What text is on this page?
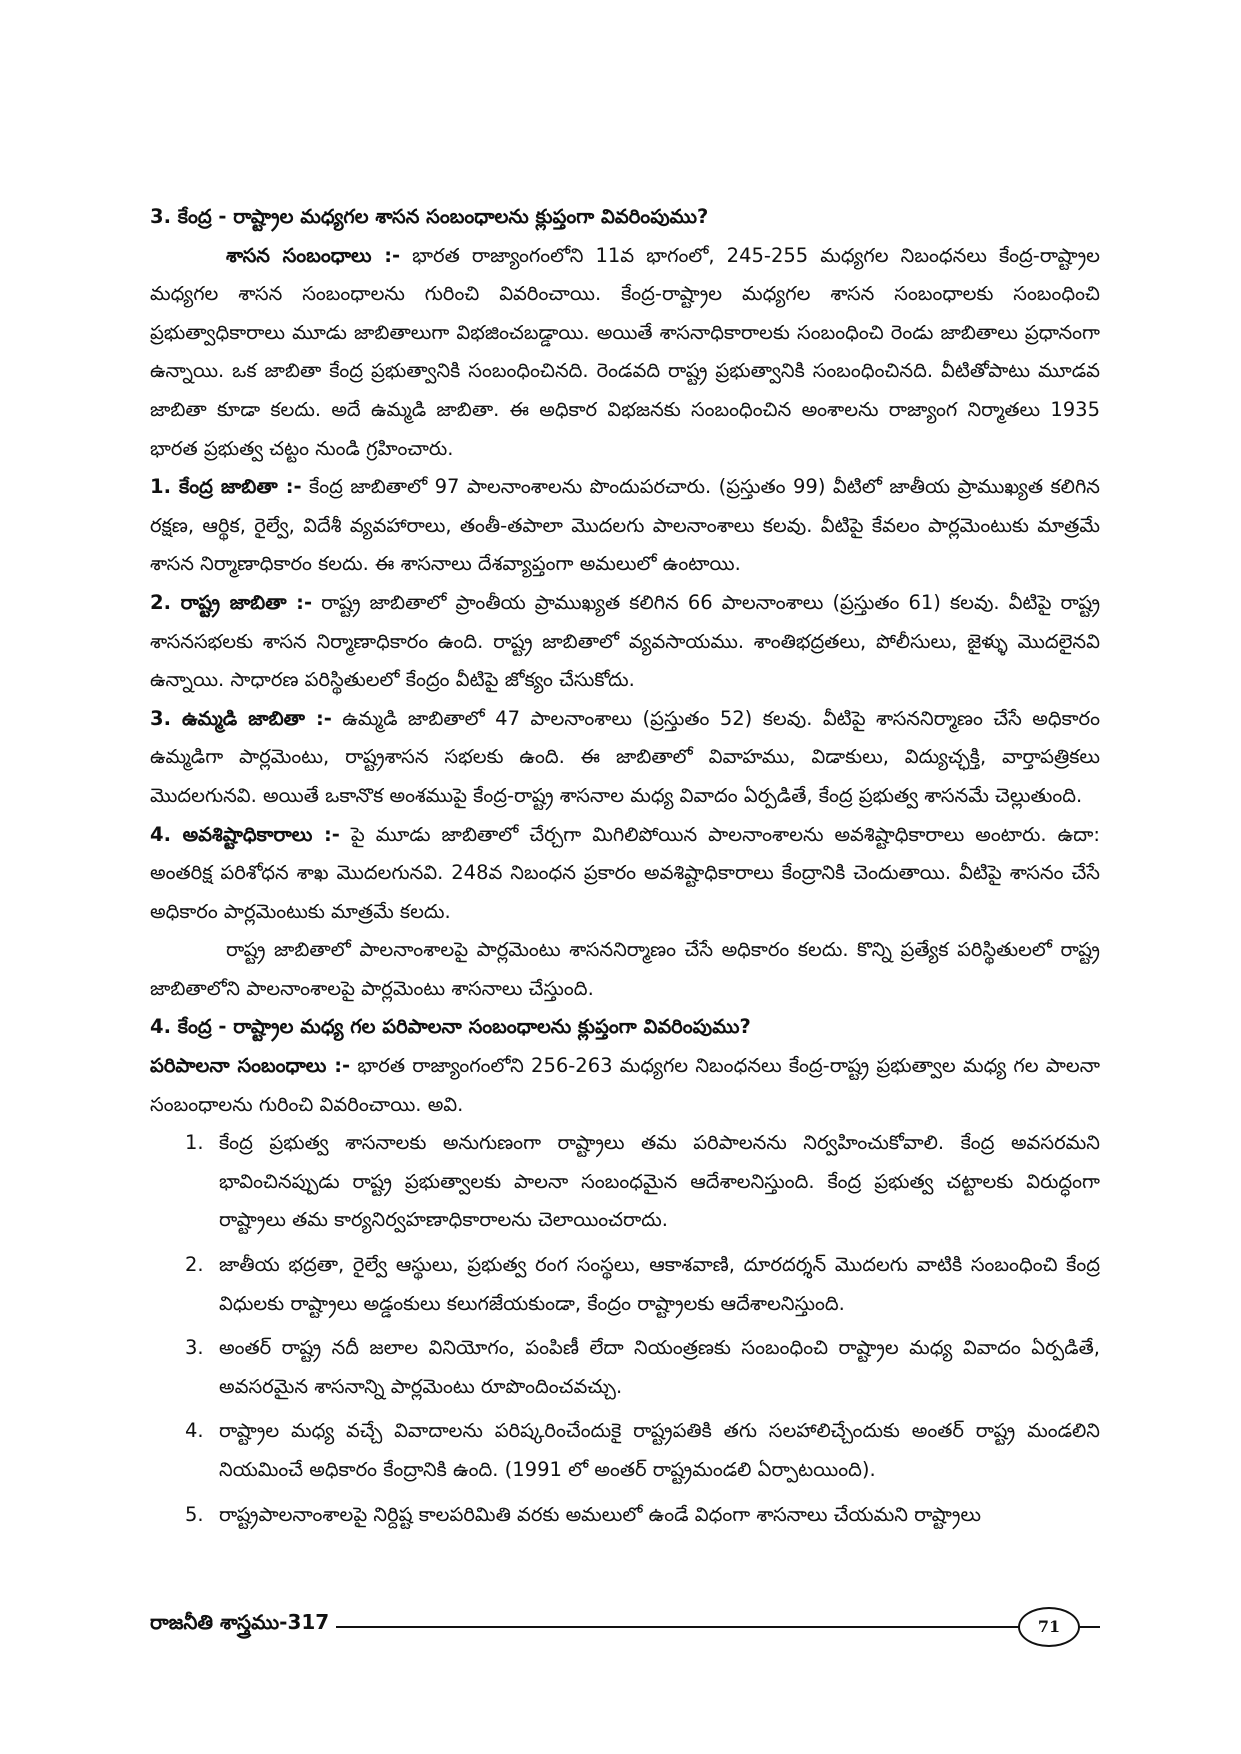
3. కేంద్ర - రాష్ట్రాల మధ్యగల శాసన సంబంధాలను క్లుప్తంగా వివరింపుము?

శాసన సంబంధాలు :- భారత రాజ్యాంగంలోని 11వ భాగంలో, 245-255 మధ్యగల నిబంధనలు కేంద్ర-రాష్ట్రాల మధ్యగల శాసన సంబంధాలను గురించి వివరించాయి. కేంద్ర-రాష్ట్రాల మధ్యగల శాసన సంబంధాలకు సంబంధించి ప్రభుత్వాధికారాలు మూడు జాబితాలుగా విభజించబడ్డాయి. అయితే శాసనాధికారాలకు సంబంధించి రెండు జాబితాలు ప్రధానంగా ఉన్నాయి. ఒక జాబితా కేంద్ర ప్రభుత్వానికి సంబంధించినది. రెండవది రాష్ట్ర ప్రభుత్వానికి సంబంధించినది. వీటితోపాటు మూడవ జాబితా కూడా కలదు. అదే ఉమ్మడి జాబితా. ఈ అధికార విభజనకు సంబంధించిన అంశాలను రాజ్యాంగ నిర్మాతలు 1935 భారత ప్రభుత్వ చట్టం నుండి గ్రహించారు.

1. కేంద్ర జాబితా :- కేంద్ర జాబితాలో 97 పాలనాంశాలను పొందుపరచారు. (ప్రస్తుతం 99) వీటిలో జాతీయ ప్రాముఖ్యత కలిగిన రక్షణ, ఆర్థిక, రైల్వే, విదేశీ వ్యవహారాలు, తంతీ-తపాలా మొదలగు పాలనాంశాలు కలవు. వీటిపై కేవలం పార్లమెంటుకు మాత్రమే శాసన నిర్మాణాధికారం కలదు. ఈ శాసనాలు దేశవ్యాప్తంగా అమలులో ఉంటాయి.

2. రాష్ట్ర జాబితా :- రాష్ట్ర జాబితాలో ప్రాంతీయ ప్రాముఖ్యత కలిగిన 66 పాలనాంశాలు (ప్రస్తుతం 61) కలవు. వీటిపై రాష్ట్ర శాసనసభలకు శాసన నిర్మాణాధికారం ఉంది. రాష్ట్ర జాబితాలో వ్యవసాయము. శాంతిభద్రతలు, పోలీసులు, జైళ్ళు మొదలైనవి ఉన్నాయి. సాధారణ పరిస్థితులలో కేంద్రం వీటిపై జోక్యం చేసుకోదు.

3. ఉమ్మడి జాబితా :- ఉమ్మడి జాబితాలో 47 పాలనాంశాలు (ప్రస్తుతం 52) కలవు. వీటిపై శాసననిర్మాణం చేసే అధికారం ఉమ్మడిగా పార్లమెంటు, రాష్ట్రశాసన సభలకు ఉంది. ఈ జాబితాలో వివాహము, విడాకులు, విద్యుచ్ఛక్తి, వార్తాపత్రికలు మొదలగునవి. అయితే ఒకానొక అంశముపై కేంద్ర-రాష్ట్ర శాసనాల మధ్య వివాదం ఏర్పడితే, కేంద్ర ప్రభుత్వ శాసనమే చెల్లుతుంది.

4. అవశిష్టాధికారాలు :- పై మూడు జాబితాలో చేర్చగా మిగిలిపోయిన పాలనాంశాలను అవశిష్టాధికారాలు అంటారు. ఉదా: అంతరిక్ష పరిశోధన శాఖ మొదలగునవి. 248వ నిబంధన ప్రకారం అవశిష్టాధికారాలు కేంద్రానికి చెందుతాయి. వీటిపై శాసనం చేసే అధికారం పార్లమెంటుకు మాత్రమే కలదు.

రాష్ట్ర జాబితాలో పాలనాంశాలపై పార్లమెంటు శాసననిర్మాణం చేసే అధికారం కలదు. కొన్ని ప్రత్యేక పరిస్థితులలో రాష్ట్ర జాబితాలోని పాలనాంశాలపై పార్లమెంటు శాసనాలు చేస్తుంది.

4. కేంద్ర - రాష్ట్రాల మధ్య గల పరిపాలనా సంబంధాలను క్లుప్తంగా వివరింపుము?

పరిపాలనా సంబంధాలు :- భారత రాజ్యాంగంలోని 256-263 మధ్యగల నిబంధనలు కేంద్ర-రాష్ట్ర ప్రభుత్వాల మధ్య గల పాలనా సంబంధాలను గురించి వివరించాయి. అవి.

1. కేంద్ర ప్రభుత్వ శాసనాలకు అనుగుణంగా రాష్ట్రాలు తమ పరిపాలనను నిర్వహించుకోవాలి. కేంద్ర అవసరమని భావించినప్పుడు రాష్ట్ర ప్రభుత్వాలకు పాలనా సంబంధమైన ఆదేశాలనిస్తుంది. కేంద్ర ప్రభుత్వ చట్టాలకు విరుద్ధంగా రాష్ట్రాలు తమ కార్యనిర్వహణాధికారాలను చెలాయించరాదు.
2. జాతీయ భద్రతా, రైల్వే ఆస్థులు, ప్రభుత్వ రంగ సంస్థలు, ఆకాశవాణి, దూరదర్శన్ మొదలగు వాటికి సంబంధించి కేంద్ర విధులకు రాష్ట్రాలు అడ్డంకులు కలుగజేయకుండా, కేంద్రం రాష్ట్రాలకు ఆదేశాలనిస్తుంది.
3. అంతర్ రాష్ట్ర నదీ జలాల వినియోగం, పంపిణీ లేదా నియంత్రణకు సంబంధించి రాష్ట్రాల మధ్య వివాదం ఏర్పడితే, అవసరమైన శాసనాన్ని పార్లమెంటు రూపొందించవచ్చు.
4. రాష్ట్రాల మధ్య వచ్చే వివాదాలను పరిష్కరించేందుకై రాష్ట్రపతికి తగు సలహాలిచ్చేందుకు అంతర్ రాష్ట్ర మండలిని నియమించే అధికారం కేంద్రానికి ఉంది. (1991 లో అంతర్ రాష్ట్రమండలి ఏర్పాటయింది).
5. రాష్ట్రపాలనాంశాలపై నిర్దిష్ట కాలపరిమితి వరకు అమలులో ఉండే విధంగా శాసనాలు చేయమని రాష్ట్రాలు
రాజనీతి శాస్త్రము-317	71
